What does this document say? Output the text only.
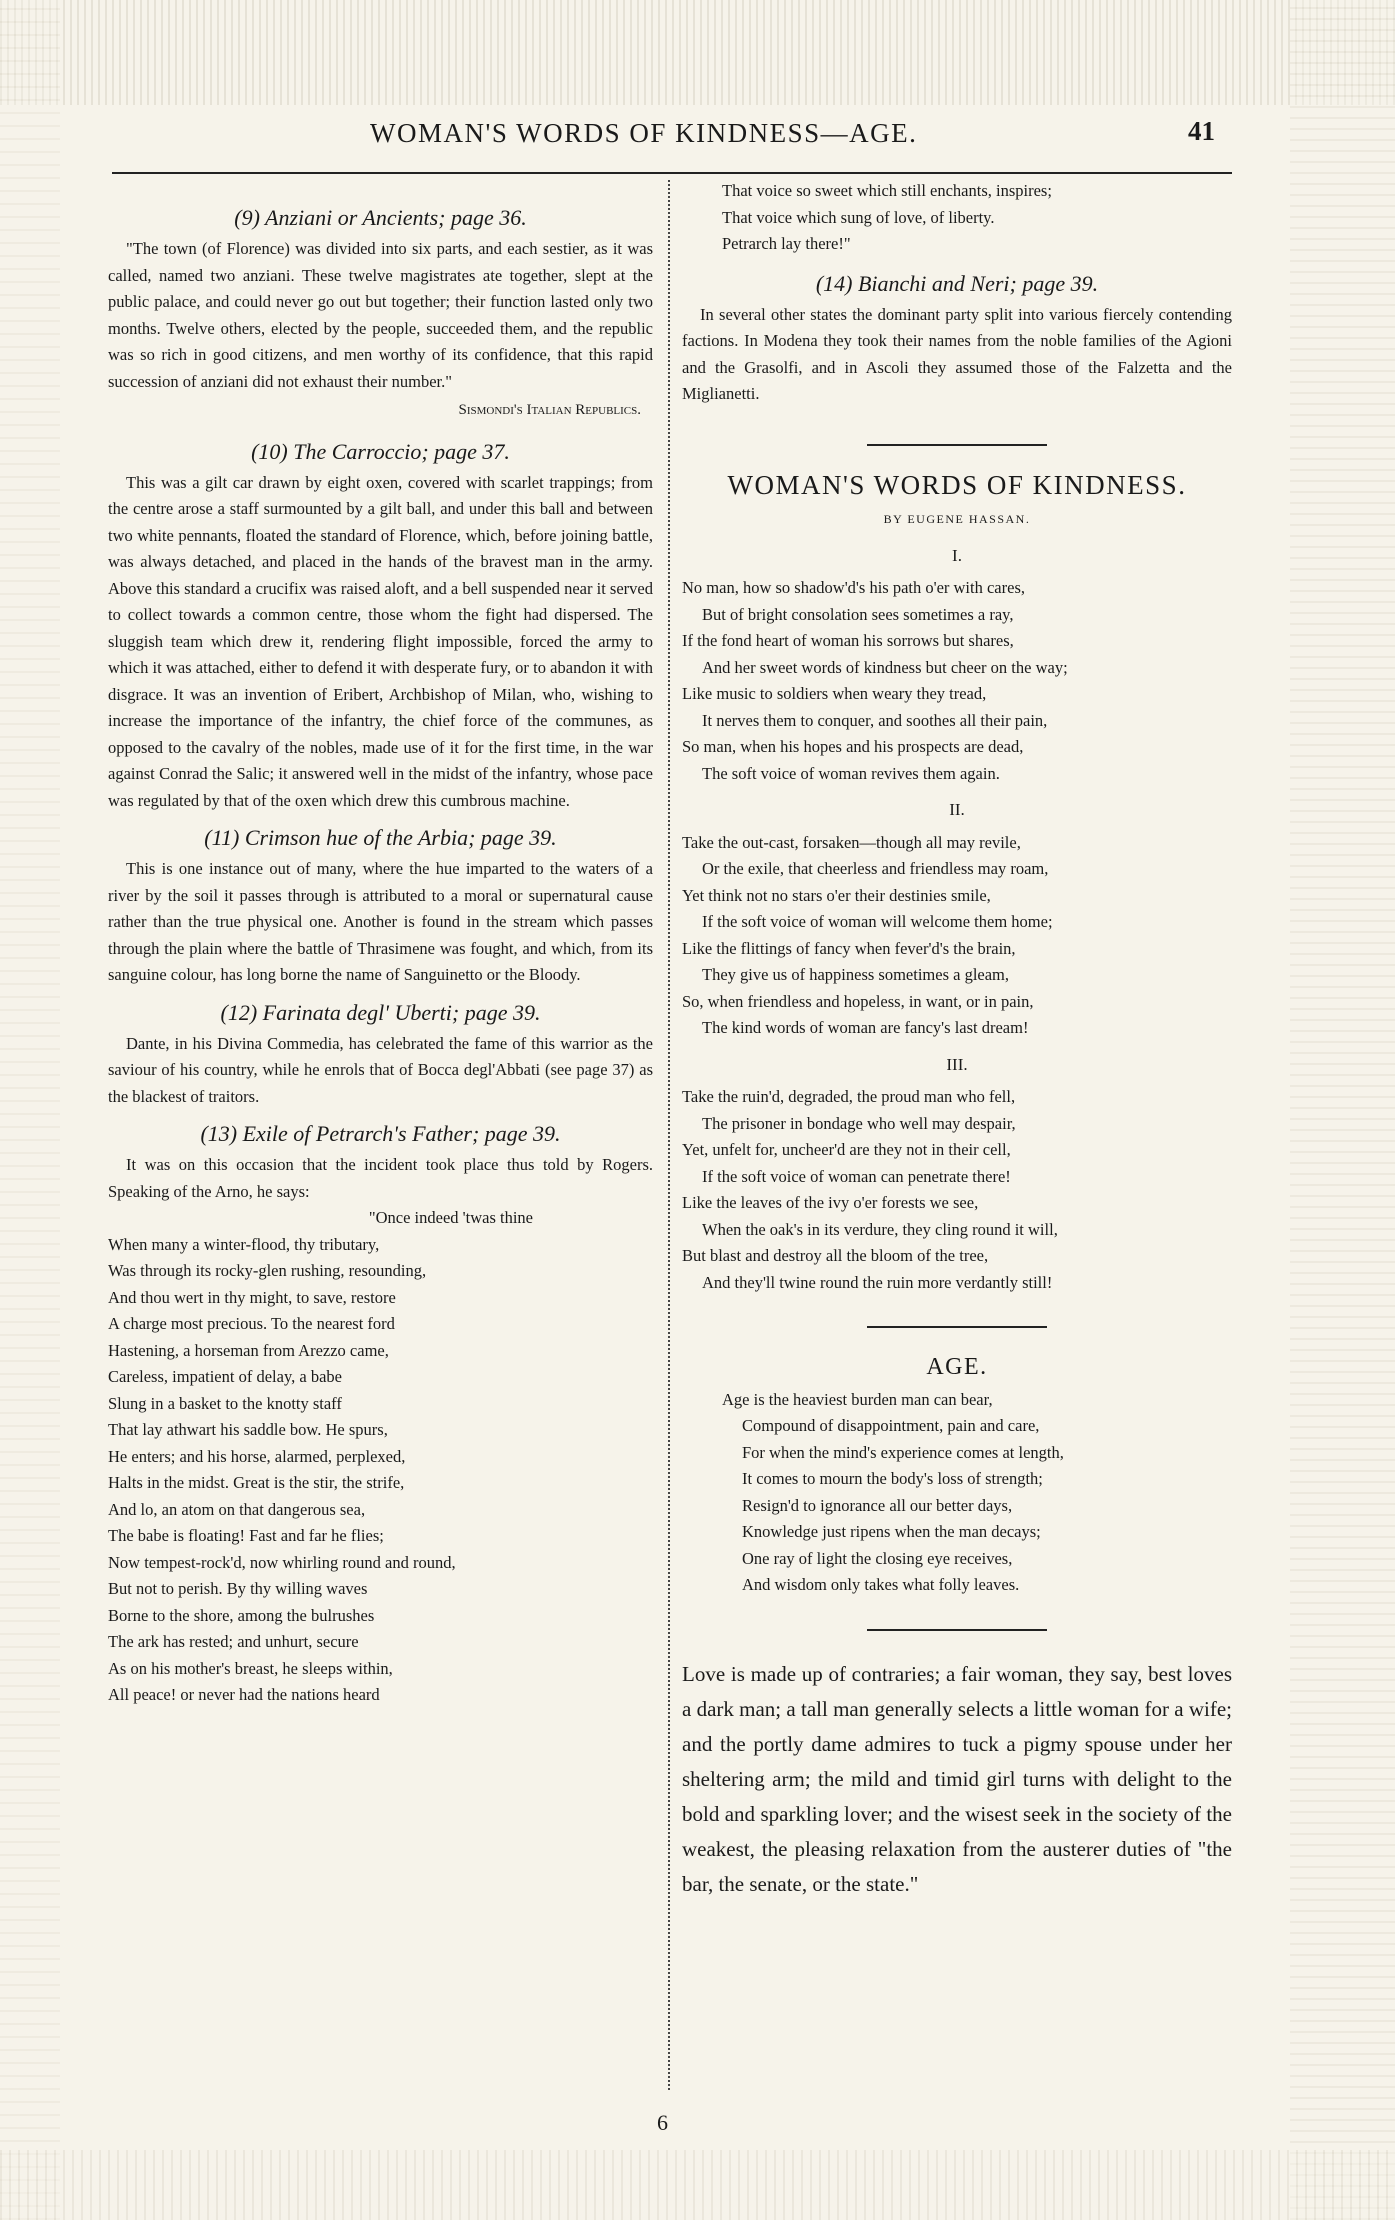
WOMAN'S WORDS OF KINDNESS—AGE.	41
(9) Anziani or Ancients; page 36.

"The town (of Florence) was divided into six parts, and each sestier, as it was called, named two anziani. These twelve magistrates ate together, slept at the public palace, and could never go out but together; their function lasted only two months. Twelve others, elected by the people, succeeded them, and the republic was so rich in good citizens, and men worthy of its confidence, that this rapid succession of anziani did not exhaust their number."

Sismondi's Italian Republics.
(10) The Carroccio; page 37.

This was a gilt car drawn by eight oxen, covered with scarlet trappings; from the centre arose a staff surmounted by a gilt ball, and under this ball and between two white pennants, floated the standard of Florence, which, before joining battle, was always detached, and placed in the hands of the bravest man in the army. Above this standard a crucifix was raised aloft, and a bell suspended near it served to collect towards a common centre, those whom the fight had dispersed. The sluggish team which drew it, rendering flight impossible, forced the army to which it was attached, either to defend it with desperate fury, or to abandon it with disgrace. It was an invention of Eribert, Archbishop of Milan, who, wishing to increase the importance of the infantry, the chief force of the communes, as opposed to the cavalry of the nobles, made use of it for the first time, in the war against Conrad the Salic; it answered well in the midst of the infantry, whose pace was regulated by that of the oxen which drew this cumbrous machine.

(11) Crimson hue of the Arbia; page 39.

This is one instance out of many, where the hue imparted to the waters of a river by the soil it passes through is attributed to a moral or supernatural cause rather than the true physical one. Another is found in the stream which passes through the plain where the battle of Thrasimene was fought, and which, from its sanguine colour, has long borne the name of Sanguinetto or the Bloody.

(12) Farinata degl' Uberti; page 39.

Dante, in his Divina Commedia, has celebrated the fame of this warrior as the saviour of his country, while he enrols that of Bocca degl'Abbati (see page 37) as the blackest of traitors.

(13) Exile of Petrarch's Father; page 39.

It was on this occasion that the incident took place thus told by Rogers. Speaking of the Arno, he says:

"Once indeed 'twas thine
When many a winter-flood, thy tributary,
Was through its rocky-glen rushing, resounding,
And thou wert in thy might, to save, restore
A charge most precious. To the nearest ford
Hastening, a horseman from Arezzo came,
Careless, impatient of delay, a babe
Slung in a basket to the knotty staff
That lay athwart his saddle bow. He spurs,
He enters; and his horse, alarmed, perplexed,
Halts in the midst. Great is the stir, the strife,
And lo, an atom on that dangerous sea,
The babe is floating! Fast and far he flies;
Now tempest-rock'd, now whirling round and round,
But not to perish. By thy willing waves
Borne to the shore, among the bulrushes
The ark has rested; and unhurt, secure
As on his mother's breast, he sleeps within,
All peace! or never had the nations heard
That voice so sweet which still enchants, inspires;
That voice which sung of love, of liberty.
Petrarch lay there!"
(14) Bianchi and Neri; page 39.

In several other states the dominant party split into various fiercely contending factions. In Modena they took their names from the noble families of the Agioni and the Grasolfi, and in Ascoli they assumed those of the Falzetta and the Miglianetti.

WOMAN'S WORDS OF KINDNESS.
BY EUGENE HASSAN.
I.
No man, how so shadow'd's his path o'er with cares,
But of bright consolation sees sometimes a ray,
If the fond heart of woman his sorrows but shares,
And her sweet words of kindness but cheer on the way;
Like music to soldiers when weary they tread,
It nerves them to conquer, and soothes all their pain,
So man, when his hopes and his prospects are dead,
The soft voice of woman revives them again.
II.
Take the out-cast, forsaken—though all may revile,
Or the exile, that cheerless and friendless may roam,
Yet think not no stars o'er their destinies smile,
If the soft voice of woman will welcome them home;
Like the flittings of fancy when fever'd's the brain,
They give us of happiness sometimes a gleam,
So, when friendless and hopeless, in want, or in pain,
The kind words of woman are fancy's last dream!
III.
Take the ruin'd, degraded, the proud man who fell,
The prisoner in bondage who well may despair,
Yet, unfelt for, uncheer'd are they not in their cell,
If the soft voice of woman can penetrate there!
Like the leaves of the ivy o'er forests we see,
When the oak's in its verdure, they cling round it will,
But blast and destroy all the bloom of the tree,
And they'll twine round the ruin more verdantly still!
AGE.
Age is the heaviest burden man can bear,
Compound of disappointment, pain and care,
For when the mind's experience comes at length,
It comes to mourn the body's loss of strength;
Resign'd to ignorance all our better days,
Knowledge just ripens when the man decays;
One ray of light the closing eye receives,
And wisdom only takes what folly leaves.

Love is made up of contraries; a fair woman, they say, best loves a dark man; a tall man generally selects a little woman for a wife; and the portly dame admires to tuck a pigmy spouse under her sheltering arm; the mild and timid girl turns with delight to the bold and sparkling lover; and the wisest seek in the society of the weakest, the pleasing relaxation from the austerer duties of "the bar, the senate, or the state."

6
